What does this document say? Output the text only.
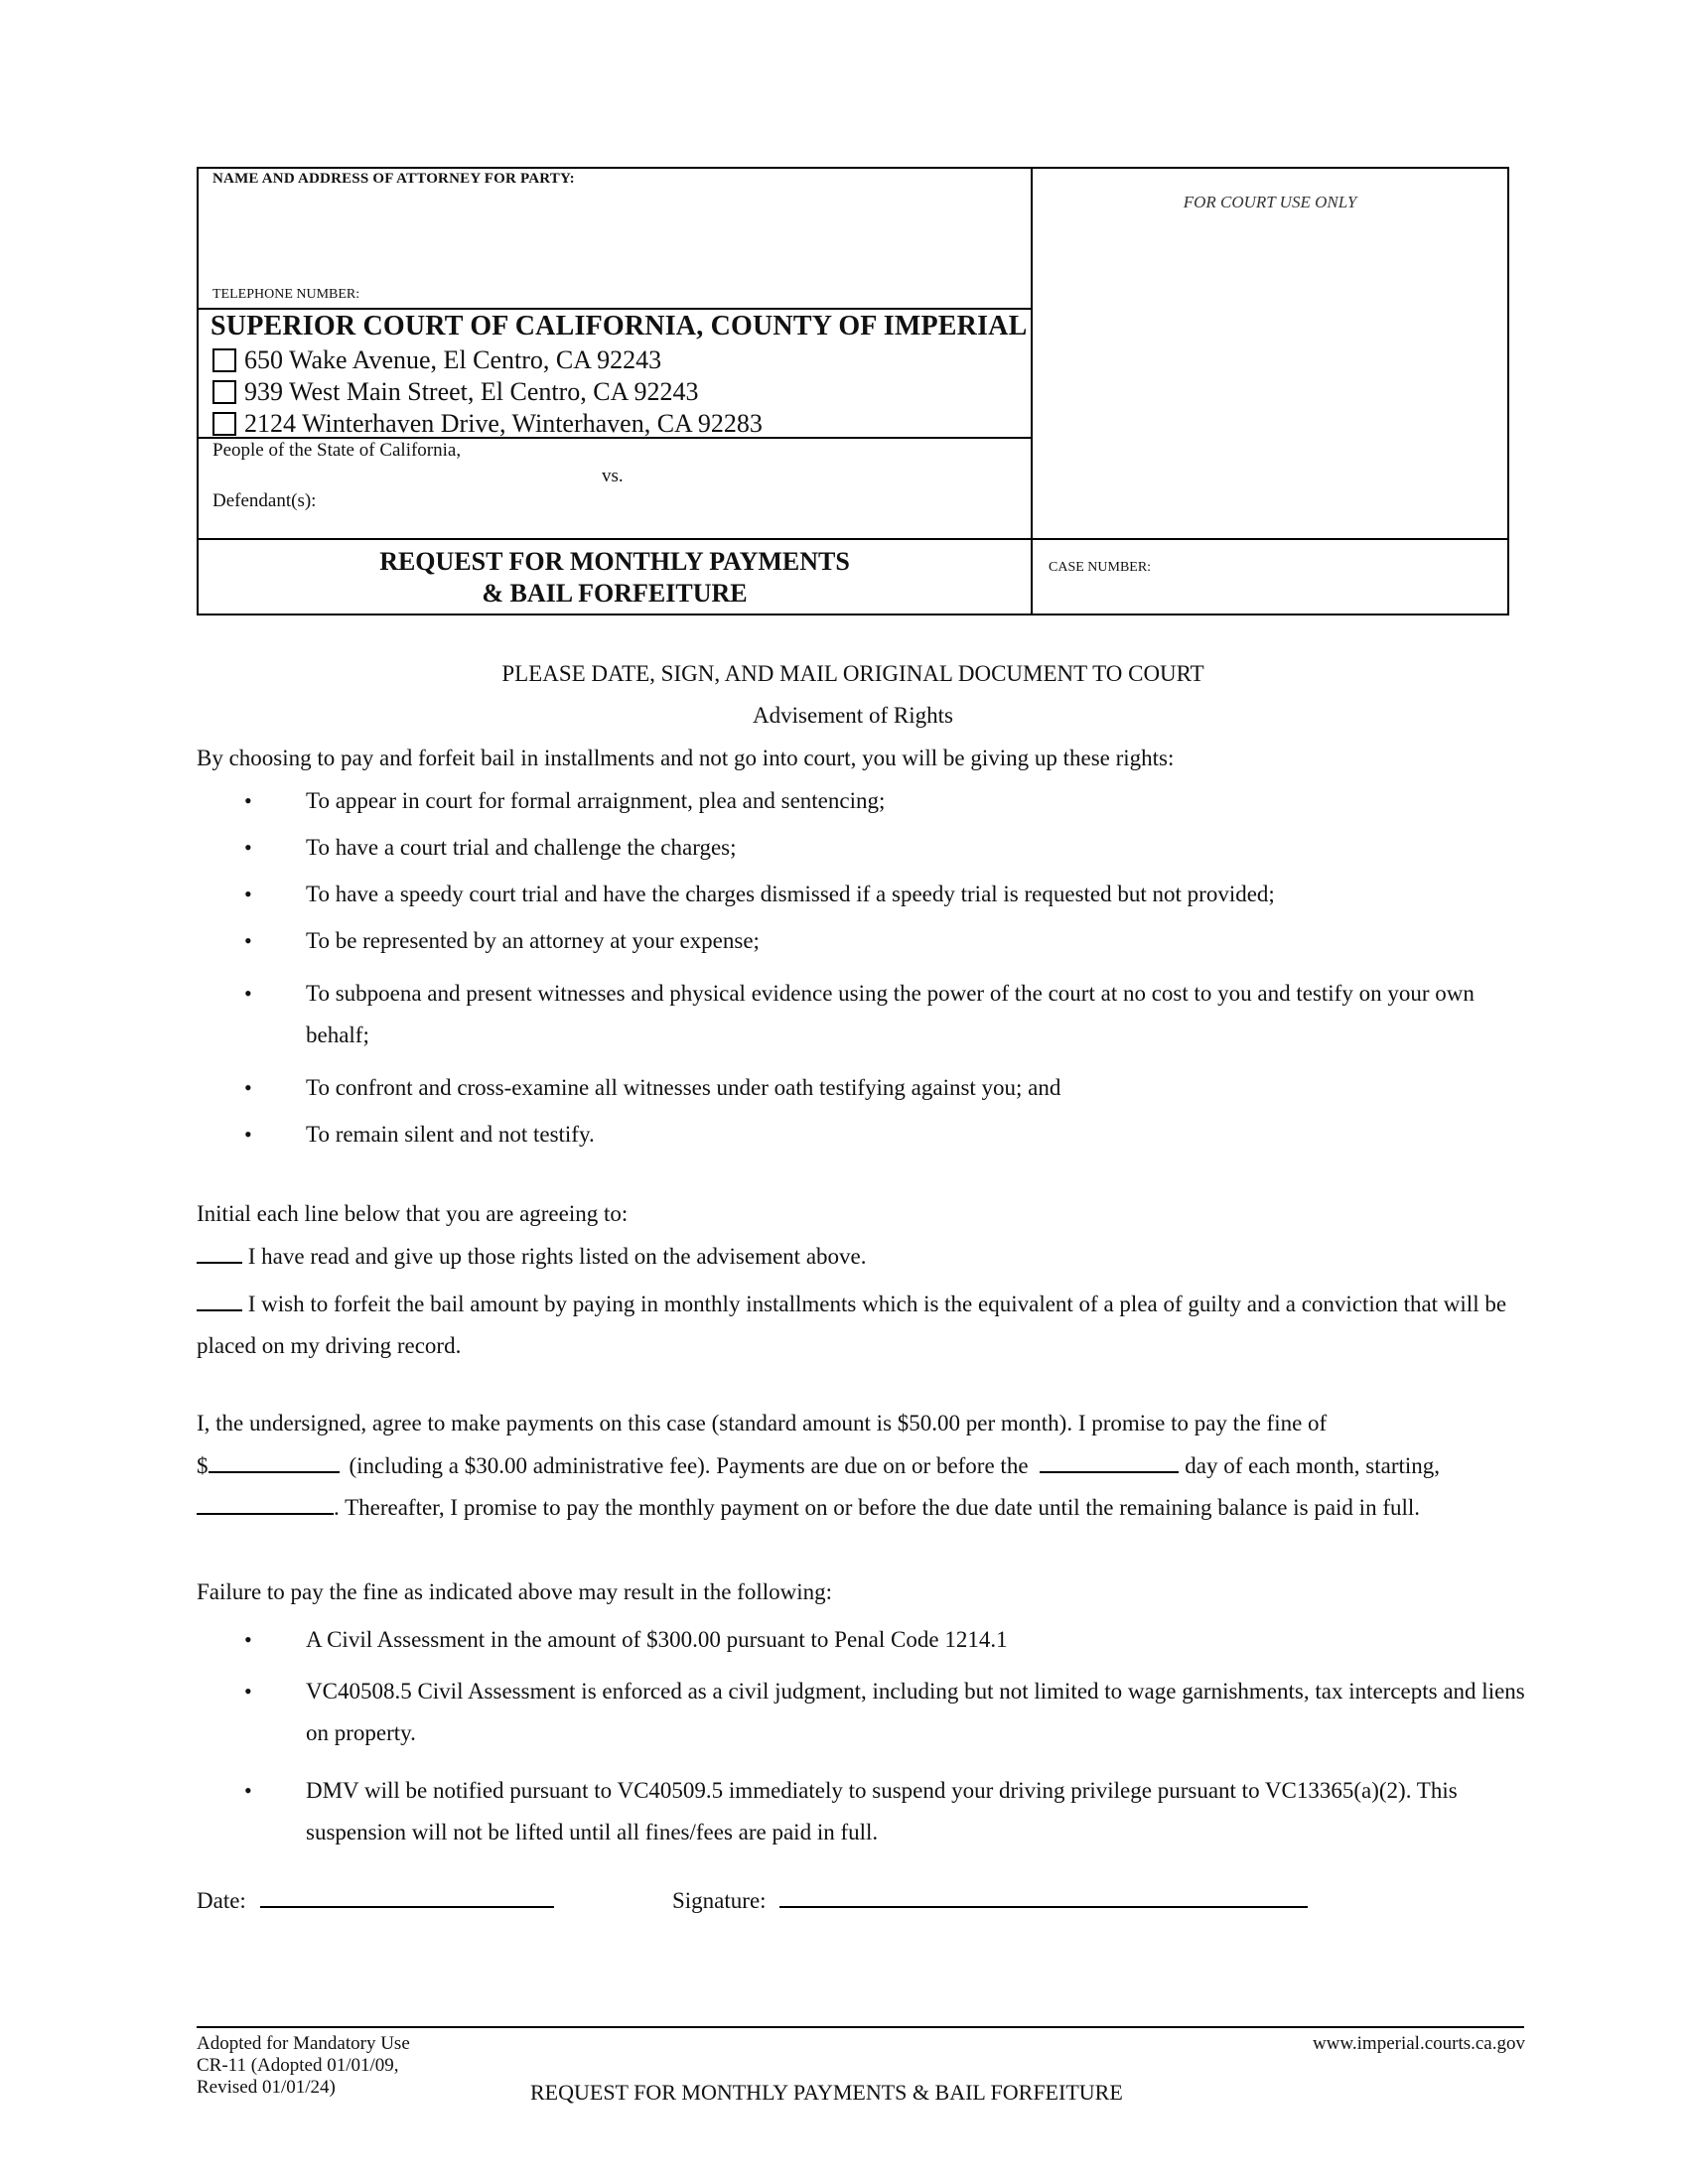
NAME AND ADDRESS OF ATTORNEY FOR PARTY:
TELEPHONE NUMBER:
FOR COURT USE ONLY
SUPERIOR COURT OF CALIFORNIA, COUNTY OF IMPERIAL
650 Wake Avenue, El Centro, CA 92243
939 West Main Street, El Centro, CA 92243
2124 Winterhaven Drive, Winterhaven, CA 92283
People of the State of California,
vs.
Defendant(s):
REQUEST FOR MONTHLY PAYMENTS
& BAIL FORFEITURE
CASE NUMBER:
PLEASE DATE, SIGN, AND MAIL ORIGINAL DOCUMENT TO COURT
Advisement of Rights
By choosing to pay and forfeit bail in installments and not go into court, you will be giving up these rights:
• To appear in court for formal arraignment, plea and sentencing;
• To have a court trial and challenge the charges;
• To have a speedy court trial and have the charges dismissed if a speedy trial is requested but not provided;
• To be represented by an attorney at your expense;
• To subpoena and present witnesses and physical evidence using the power of the court at no cost to you and testify on your own behalf;
• To confront and cross-examine all witnesses under oath testifying against you; and
• To remain silent and not testify.
Initial each line below that you are agreeing to:
I have read and give up those rights listed on the advisement above.
I wish to forfeit the bail amount by paying in monthly installments which is the equivalent of a plea of guilty and a conviction that will be placed on my driving record.
I, the undersigned, agree to make payments on this case (standard amount is $50.00 per month). I promise to pay the fine of
$	(including a $30.00 administrative fee). Payments are due on or before the	day of each month, starting,
. Thereafter, I promise to pay the monthly payment on or before the due date until the remaining balance is paid in full.
Failure to pay the fine as indicated above may result in the following:
• A Civil Assessment in the amount of $300.00 pursuant to Penal Code 1214.1
• VC40508.5 Civil Assessment is enforced as a civil judgment, including but not limited to wage garnishments, tax intercepts and liens on property.
• DMV will be notified pursuant to VC40509.5 immediately to suspend your driving privilege pursuant to VC13365(a)(2). This suspension will not be lifted until all fines/fees are paid in full.
Date:	Signature:
Adopted for Mandatory Use
CR-11 (Adopted 01/01/09,
Revised 01/01/24)	REQUEST FOR MONTHLY PAYMENTS & BAIL FORFEITURE
www.imperial.courts.ca.gov
